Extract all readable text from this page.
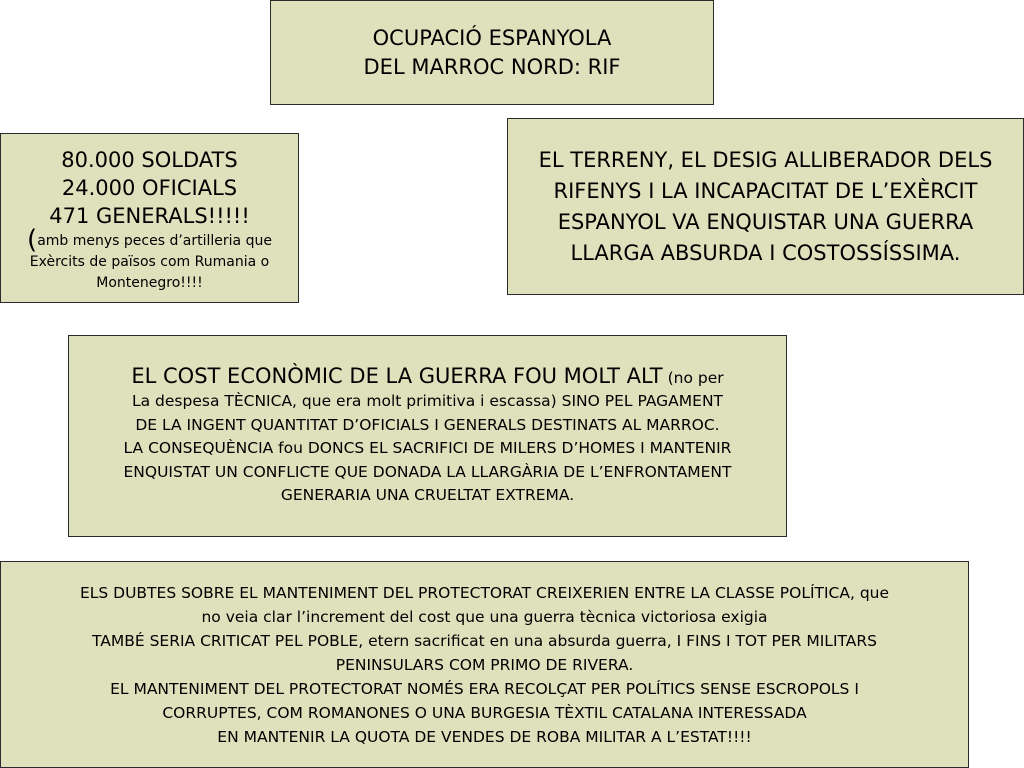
OCUPACIÓ ESPANYOLA
DEL MARROC NORD: RIF
80.000 SOLDATS
24.000 OFICIALS
471 GENERALS!!!!!
(amb menys peces d’artilleria que
Exèrcits de països com Rumania o
Montenegro!!!!
EL TERRENY, EL DESIG ALLIBERADOR DELS
RIFENYS I LA INCAPACITAT DE L’EXÈRCIT
ESPANYOL VA ENQUISTAR UNA GUERRA
LLARGA ABSURDA I COSTOSSÍSSIMA.
EL COST ECONÒMIC DE LA GUERRA FOU MOLT ALT (no per
La despesa TÈCNICA, que era molt primitiva i escassa) SINO PEL PAGAMENT
DE LA INGENT QUANTITAT D’OFICIALS I GENERALS DESTINATS AL MARROC.
LA CONSEQUÈNCIA fou DONCS EL SACRIFICI DE MILERS D’HOMES I MANTENIR
ENQUISTAT UN CONFLICTE QUE DONADA LA LLARGÀRIA DE L’ENFRONTAMENT
GENERARIA UNA CRUELTAT EXTREMA.
ELS DUBTES SOBRE EL MANTENIMENT DEL PROTECTORAT CREIXERIEN ENTRE LA CLASSE POLÍTICA, que
no veia clar l’increment del cost que una guerra tècnica victoriosa exigia
TAMBÉ SERIA CRITICAT PEL POBLE, etern sacrificat en una absurda guerra, I FINS I TOT PER MILITARS
PENINSULARS COM PRIMO DE RIVERA.
EL MANTENIMENT DEL PROTECTORAT NOMÉS ERA RECOLÇAT PER POLÍTICS SENSE ESCROPOLS I
CORRUPTES, COM ROMANONES O UNA BURGESIA TÈXTIL CATALANA INTERESSADA
EN MANTENIR LA QUOTA DE VENDES DE ROBA MILITAR A L’ESTAT!!!!
